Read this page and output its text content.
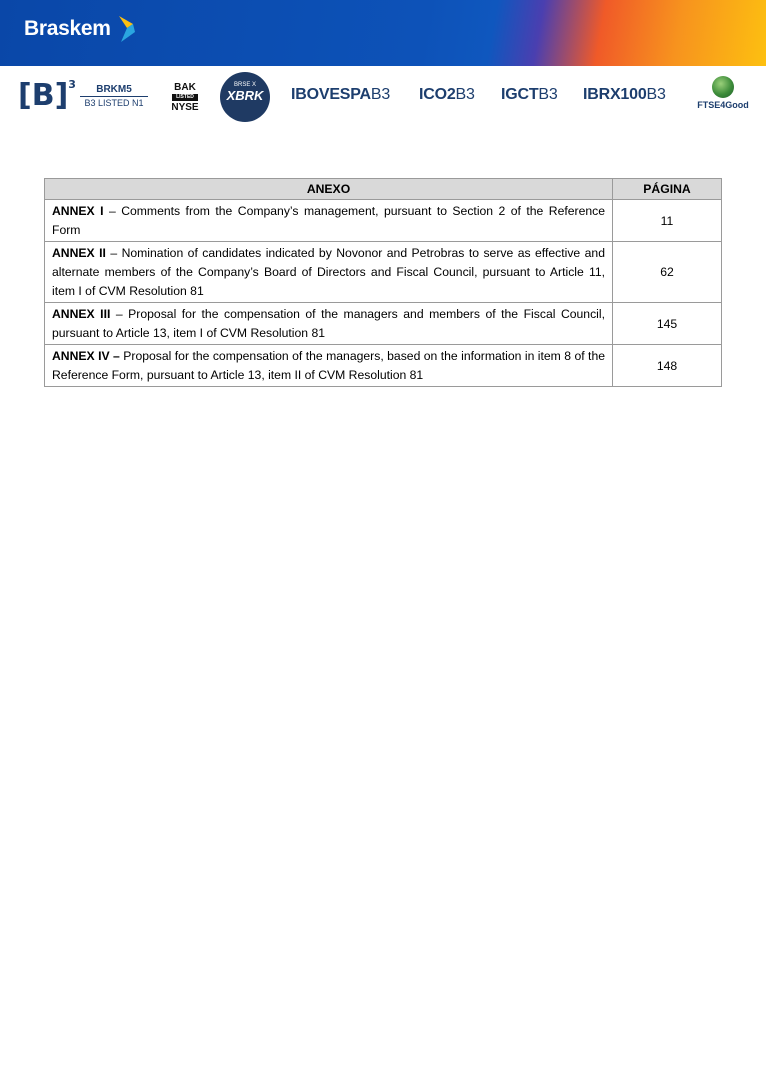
Braskem
$[B]^3$	BRKM5
B3 LISTED N1
BAK
LISTED
NYSE
BRSE X
XBRK	IBOVESPAB3 ICO2B3 IGCTB3 IBRX100B3
FTSE4Good
ANEXO	PÁGINA
ANNEX I – Comments from the Company’s management, pursuant to Section 2 of the Reference Form	11
ANNEX II – Nomination of candidates indicated by Novonor and Petrobras to serve as effective and alternate members of the Company’s Board of Directors and Fiscal Council, pursuant to Article 11, item I of CVM Resolution 81	62
ANNEX III – Proposal for the compensation of the managers and members of the Fiscal Council, pursuant to Article 13, item I of CVM Resolution 81	145
ANNEX IV – Proposal for the compensation of the managers, based on the information in item 8 of the Reference Form, pursuant to Article 13, item II of CVM Resolution 81	148
